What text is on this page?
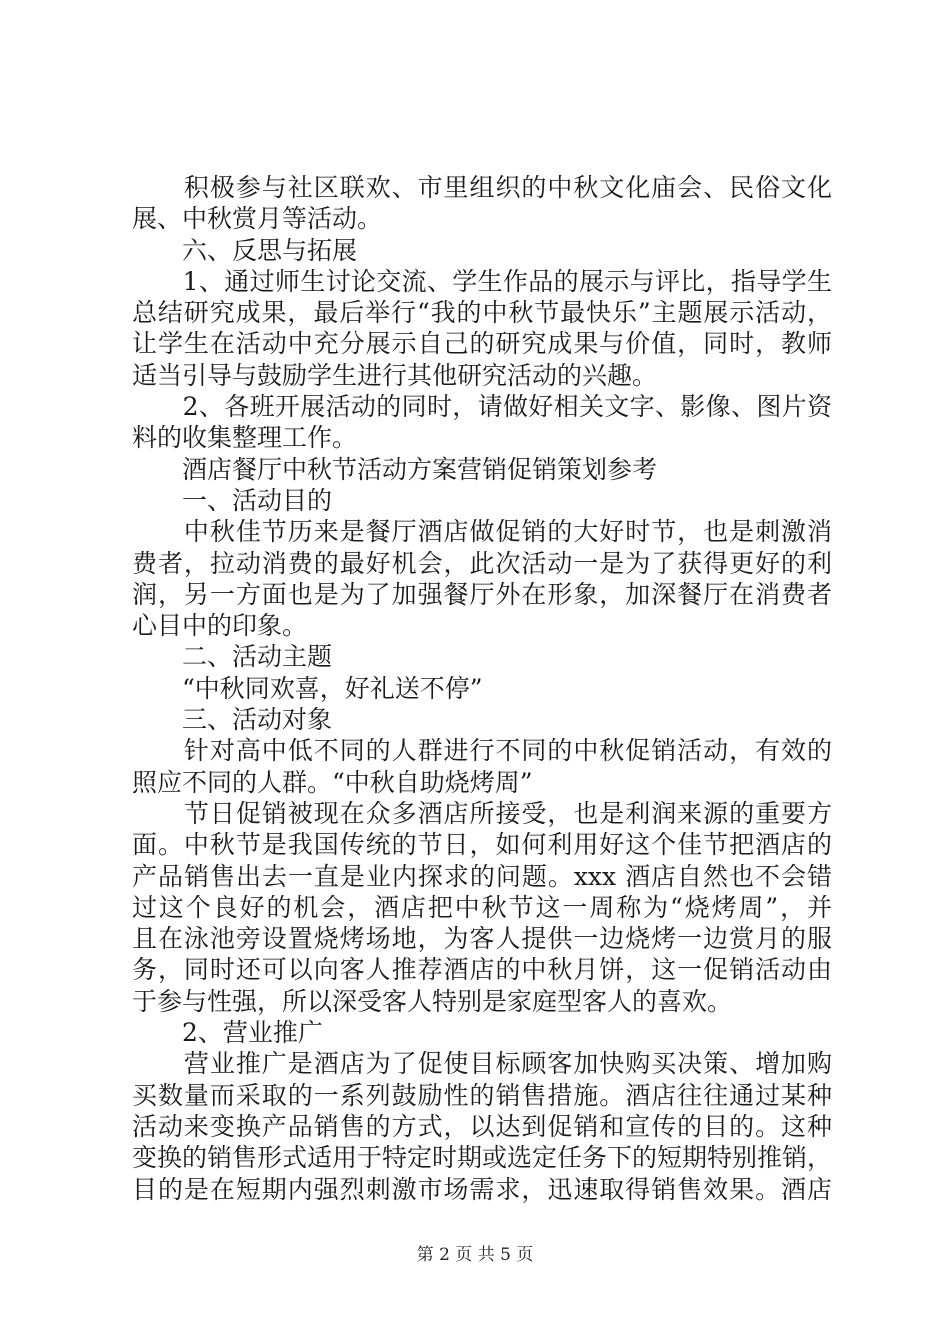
　　积极参与社区联欢、市里组织的中秋文化庙会、民俗文化
展、中秋赏月等活动。
　　六、反思与拓展
　　1、通过师生讨论交流、学生作品的展示与评比，指导学生
总结研究成果，最后举行“我的中秋节最快乐”主题展示活动，
让学生在活动中充分展示自己的研究成果与价值，同时，教师
适当引导与鼓励学生进行其他研究活动的兴趣。
　　2、各班开展活动的同时，请做好相关文字、影像、图片资
料的收集整理工作。
　　酒店餐厅中秋节活动方案营销促销策划参考
　　一、活动目的
　　中秋佳节历来是餐厅酒店做促销的大好时节，也是刺激消
费者，拉动消费的最好机会，此次活动一是为了获得更好的利
润，另一方面也是为了加强餐厅外在形象，加深餐厅在消费者
心目中的印象。
　　二、活动主题
　　“中秋同欢喜，好礼送不停”
　　三、活动对象
　　针对高中低不同的人群进行不同的中秋促销活动，有效的
照应不同的人群。“中秋自助烧烤周”
　　节日促销被现在众多酒店所接受，也是利润来源的重要方
面。中秋节是我国传统的节日，如何利用好这个佳节把酒店的
产品销售出去一直是业内探求的问题。xxx 酒店自然也不会错
过这个良好的机会，酒店把中秋节这一周称为“烧烤周”，并
且在泳池旁设置烧烤场地，为客人提供一边烧烤一边赏月的服
务，同时还可以向客人推荐酒店的中秋月饼，这一促销活动由
于参与性强，所以深受客人特别是家庭型客人的喜欢。
　　2、营业推广
　　营业推广是酒店为了促使目标顾客加快购买决策、增加购
买数量而采取的一系列鼓励性的销售措施。酒店往往通过某种
活动来变换产品销售的方式，以达到促销和宣传的目的。这种
变换的销售形式适用于特定时期或选定任务下的短期特别推销，
目的是在短期内强烈刺激市场需求，迅速取得销售效果。酒店
第 2 页 共 5 页
